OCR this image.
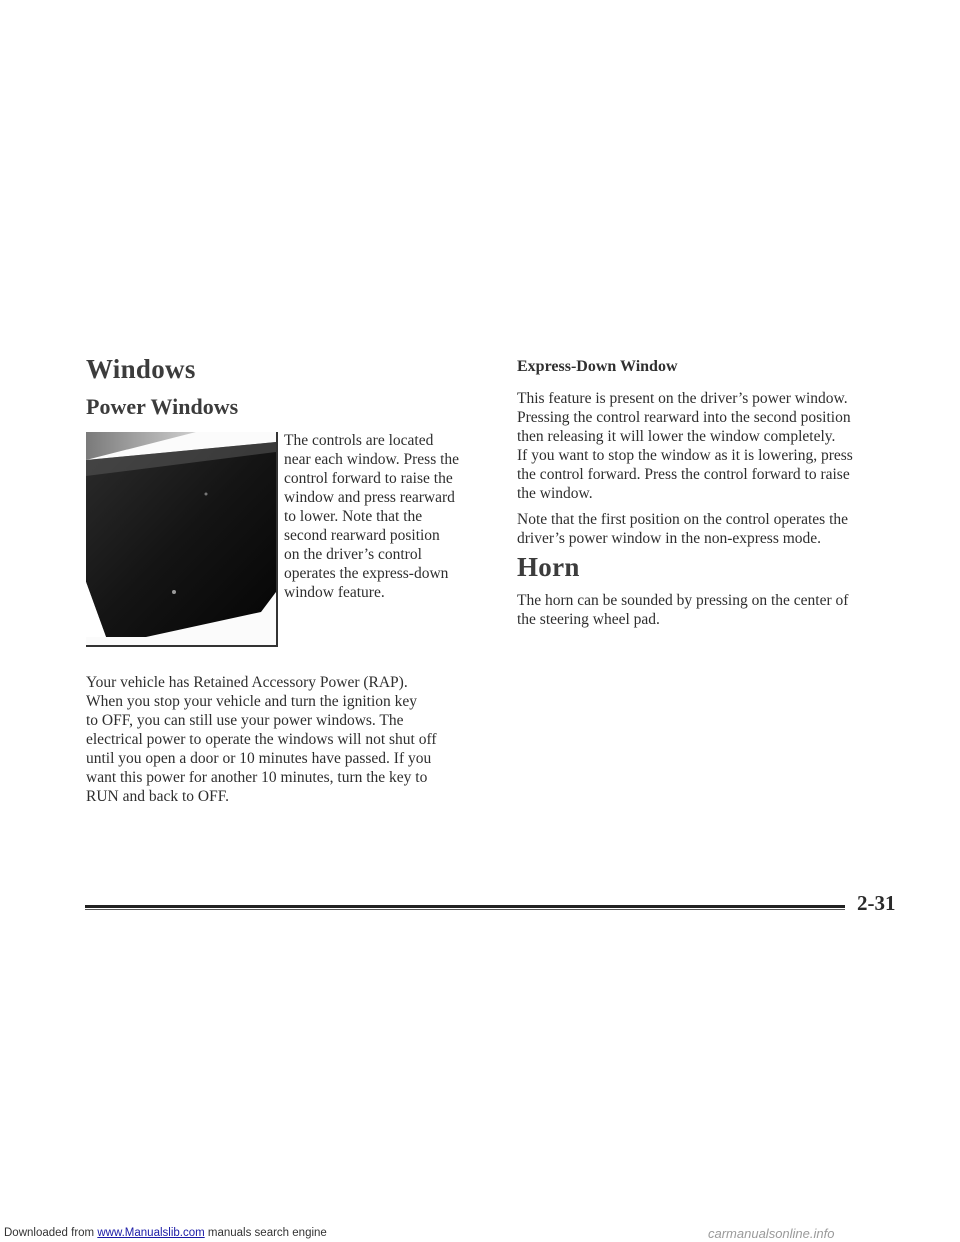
Windows
Power Windows
The controls are located
near each window. Press the
control forward to raise the
window and press rearward
to lower. Note that the
second rearward position
on the driver’s control
operates the express-down
window feature.
Your vehicle has Retained Accessory Power (RAP).
When you stop your vehicle and turn the ignition key
to OFF, you can still use your power windows. The
electrical power to operate the windows will not shut off
until you open a door or 10 minutes have passed. If you
want this power for another 10 minutes, turn the key to
RUN and back to OFF.
Express-Down Window
This feature is present on the driver’s power window.
Pressing the control rearward into the second position
then releasing it will lower the window completely.
If you want to stop the window as it is lowering, press
the control forward. Press the control forward to raise
the window.
Note that the first position on the control operates the
driver’s power window in the non-express mode.
Horn
The horn can be sounded by pressing on the center of
the steering wheel pad.
2-31
Downloaded from www.Manualslib.com manuals search engine	carmanualsonline.info
